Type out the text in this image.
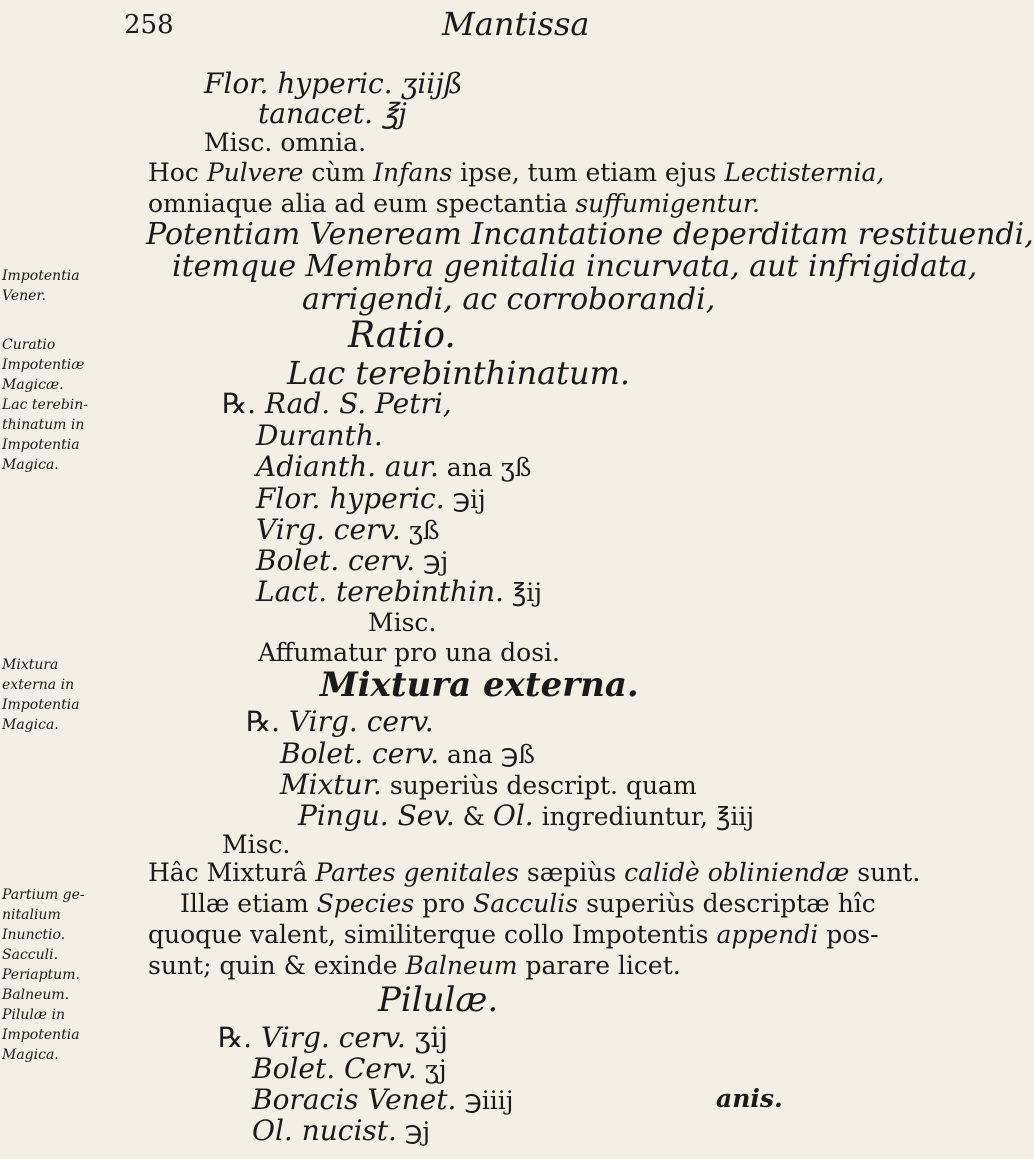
258	Mantissa
Impotentia
Vener.
Curatio
Impotentiæ
Magicæ.
Lac terebin-
thinatum in
Impotentia
Magica.
Mixtura
externa in
Impotentia
Magica.
Partium ge-
nitalium
Inunctio.
Sacculi.
Periaptum.
Balneum.
Pilulæ in
Impotentia
Magica.
Flor. hyperic. ʒiijß
tanacet. ℥j
Misc. omnia.
Hoc Pulvere cùm Infans ipse, tum etiam ejus Lectisternia,
omniaque alia ad eum spectantia suffumigentur.
Potentiam Veneream Incantatione deperditam restituendi,
itemque Membra genitalia incurvata, aut infrigidata,
arrigendi, ac corroborandi,
Ratio.
Lac terebinthinatum.
℞. Rad. S. Petri,
Duranth.
Adianth. aur. ana ʒß
Flor. hyperic. ℈ij
Virg. cerv. ʒß
Bolet. cerv. ℈j
Lact. terebinthin. ℥ij
Misc.
Affumatur pro una dosi.
Mixtura externa.
℞. Virg. cerv.
Bolet. cerv. ana ℈ß
Mixtur. superiùs descript. quam
Pingu. Sev. & Ol. ingrediuntur, ℥iij
Misc.
Hâc Mixturâ Partes genitales sæpiùs calidè obliniendæ sunt.
Illæ etiam Species pro Sacculis superiùs descriptæ hîc
quoque valent, similiterque collo Impotentis appendi pos-
sunt; quin & exinde Balneum parare licet.
Pilulæ.
℞. Virg. cerv. ʒij
Bolet. Cerv. ʒj
Boracis Venet. ℈iiij
Ol. nucist. ℈j
anis.
